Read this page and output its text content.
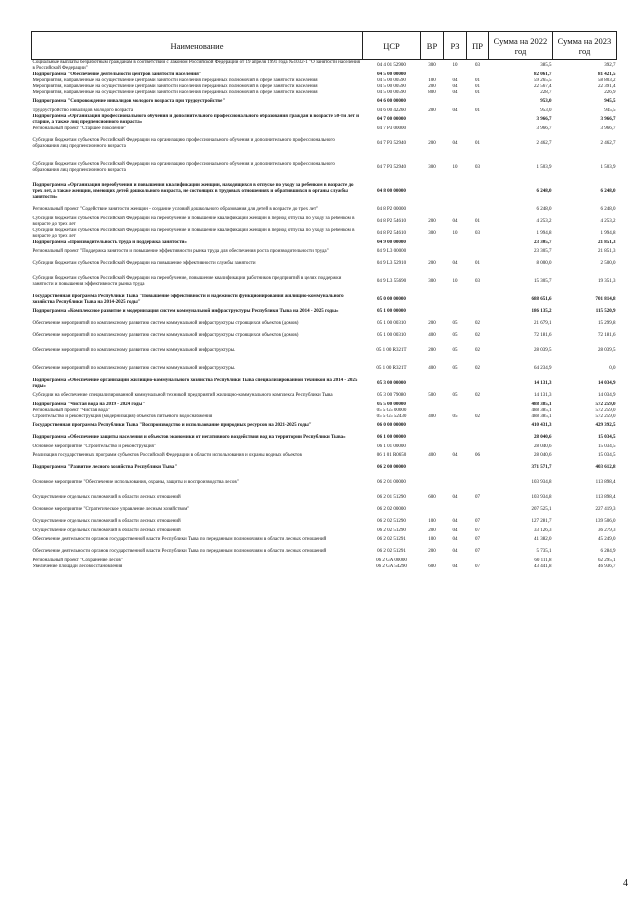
Наименование	ЦСР	ВР	РЗ	ПР	Сумма на 2022 год	Сумма на 2023 год
Социальные выплаты безработным гражданам в соответствии с Законом Российской Федерации от 19 апреля 1991 года №1032-1 "О занятости населения в Российской Федерации"	04 4 01 52900	300	10	03	385,5	392,7
Подпрограмма "Обеспечение деятельности центров занятости населения"	04 5 00 00000				82 061,7	81 421,5
Мероприятия, направленные на осуществление центрами занятости населения переданных полномочий в сфере занятости населения	04 5 00 00590	100	04	01	59 265,5	58 803,2
Мероприятия, направленные на осуществление центрами занятости населения переданных полномочий в сфере занятости населения	04 5 00 00590	200	04	01	22 567,4	22 391,4
Мероприятия, направленные на осуществление центрами занятости населения переданных полномочий в сфере занятости населения	04 5 00 00590	800	04	01	228,7	226,9
Подпрограмма "Сопровождение инвалидов молодого возраста при трудоустройстве"	04 6 00 00000				953,0	945,5
Трудоустройство инвалидов молодого возраста	04 6 00 42260	200	04	01	953,0	945,5
Подпрограмма «Организация профессионального обучения и дополнительного профессионального образования граждан в возрасте 50-ти лет и старше, а также лиц предпенсионного возраста»	04 7 00 00000				3 966,7	3 966,7
Региональный проект "Старшее поколение"	04 7 P3 00000				3 966,7	3 966,7
Субсидии бюджетам субъектов Российской Федерации на организацию профессионального обучения и дополнительного профессионального образования лиц предпенсионного возраста	04 7 P3 52940	200	04	01	2 462,7	2 462,7
Субсидии бюджетам субъектов Российской Федерации на организацию профессионального обучения и дополнительного профессионального образования лиц предпенсионного возраста	04 7 P3 52940	300	10	03	1 503,9	1 503,9
Подпрограмма «Организация переобучения и повышения квалификации женщин, находящихся в отпуске по уходу за ребенком в возрасте до трех лет, а также женщин, имеющих детей дошкольного возраста, не состоящих в трудовых отношениях и обратившихся в органы службы занятости»	04 8 00 00000				6 248,0	6 248,0
Региональный проект "Содействие занятости женщин - создание условий дошкольного образования для детей в возрасте до трех лет"	04 8 P2 00000				6 248,0	6 248,0
Субсидии бюджетам субъектов Российской Федерации на переобучение и повышение квалификации женщин в период отпуска по уходу за ребенком в возрасте до трех лет	04 8 P2 54610	200	04	01	4 253,2	4 253,2
Субсидии бюджетам субъектов Российской Федерации на переобучение и повышение квалификации женщин в период отпуска по уходу за ребенком в возрасте до трех лет	04 8 P2 54610	300	10	03	1 994,8	1 994,8
Подпрограмма «Производительность труда и поддержка занятости»	04 9 00 00000				23 305,7	21 851,3
Региональный проект "Поддержка занятости и повышение эффективности рынка труда для обеспечения роста производительности труда"	04 9 L3 00000				23 305,7	21 851,3
Субсидии бюджетам субъектов Российской Федерации на повышение эффективности службы занятости	04 9 L3 52910	200	04	01	8 000,0	2 500,0
Субсидии бюджетам субъектов Российской Федерации на переобучение, повышение квалификации работников предприятий в целях поддержки занятости и повышения эффективности рынка труда	04 9 L3 55690	300	10	03	15 305,7	19 351,3
Государственная программа Республики Тыва "Повышение эффективности и надежности функционирования жилищно-коммунального хозяйства Республики Тыва на 2014-2025 годы"	05 0 00 00000				688 651,6	701 814,8
Подпрограмма «Комплексное развитие и модернизация систем коммунальной инфраструктуры Республики Тыва на 2014 - 2025 годы»	05 1 00 00000				186 135,2	115 520,9
Обеспечение мероприятий по комплексному развитию систем коммунальной инфраструктуры строящихся объектов (домов)	05 1 00 00310	200	05	02	21 679,1	15 299,8
Обеспечение мероприятий по комплексному развитию систем коммунальной инфраструктуры строящихся объектов (домов)	05 1 00 00310	400	05	02	72 181,6	72 181,6
Обеспечение мероприятий по комплексному развитию систем коммунальной инфраструктуры.	05 1 00 R321T	200	05	02	28 039,5	28 039,5
Обеспечение мероприятий по комплексному развитию систем коммунальной инфраструктуры.	05 1 00 R321T	400	05	02	64 234,9	0,0
Подпрограмма «Обеспечение организаций жилищно-коммунального хозяйства Республики Тыва специализированной техникой на 2014 - 2025 годы»	05 3 00 00000				14 131,3	14 034,9
Субсидии на обеспечение специализированной коммунальной техникой предприятий жилищно-коммунального комплекса Республики Тыва	05 3 00 79080	500	05	02	14 131,3	14 034,9
Подпрограмма "Чистая вода на 2019 - 2024 годы"	05 5 00 00000				488 385,1	572 259,0
Региональный проект "Чистая вода"	05 5 G5 00000				488 385,1	572 259,0
Строительство и реконструкция (модернизация) объектов питьевого водоснабжения	05 5 G5 52430	400	05	02	488 385,1	572 259,0
Государственная программа Республики Тыва "Воспроизводство и использование природных ресурсов на 2021-2025 годы"	06 0 00 00000				410 431,3	429 392,5
Подпрограмма «Обеспечение защиты населения и объектов экономики от негативного воздействия вод на территории Республики Тыва»	06 1 00 00000				28 040,6	15 034,5
Основное мероприятие "Строительство и реконструкция"	06 1 01 00000				28 040,6	15 034,5
Реализация государственных программ субъектов Российской Федерации в области использования и охраны водных объектов	06 1 01 R0650	400	04	06	28 040,6	15 034,5
Подпрограмма "Развитие лесного хозяйства Республики Тыва"	06 2 00 00000				371 571,7	403 612,8
Основное мероприятие "Обеспечение использования, охраны, защиты и воспроизводства лесов"	06 2 01 00000				103 934,8	113 898,4
Осуществление отдельных полномочий в области лесных отношений	06 2 01 51290	600	04	07	103 934,8	113 898,4
Основное мероприятие "Стратегическое управление лесным хозяйством"	06 2 02 00000				207 525,1	227 419,3
Осуществление отдельных полномочий в области лесных отношений	06 2 02 51290	100	04	07	127 281,7	139 506,0
Осуществление отдельных полномочий в области лесных отношений	06 2 02 51290	200	04	07	33 126,3	36 279,3
Обеспечение деятельности органов государственной власти Республики Тыва по переданным полномочиям в области лесных отношений	06 2 02 51291	100	04	07	41 382,0	45 249,0
Обеспечение деятельности органов государственной власти Республики Тыва по переданным полномочиям в области лесных отношений	06 2 02 51291	200	04	07	5 735,1	6 284,9
Региональный проект "Сохранение лесов"	06 2 GA 00000				60 111,8	62 295,1
Увеличение площади лесовосстановления	06 2 GA 54290	600	04	07	43 441,8	46 936,7
4
